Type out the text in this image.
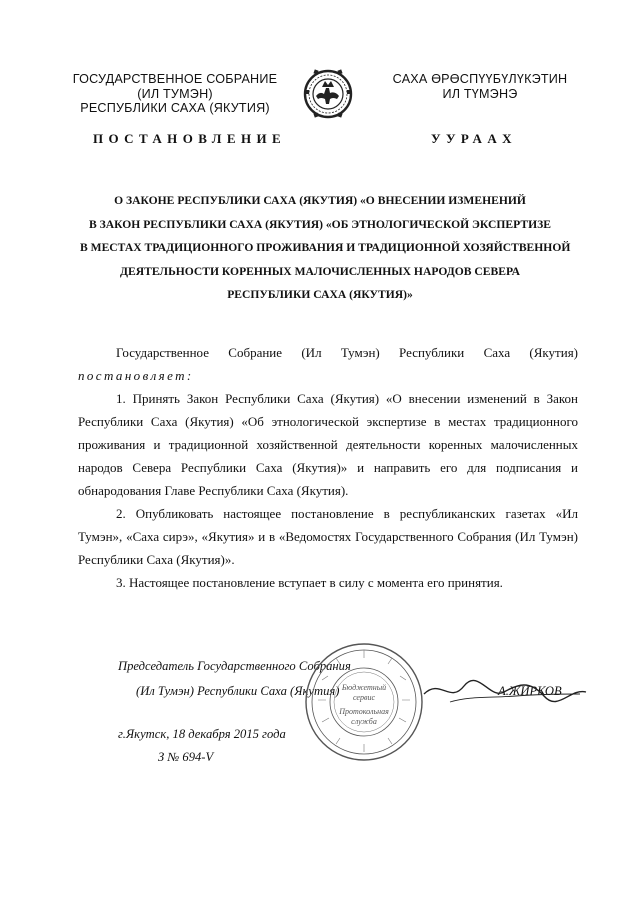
ГОСУДАРСТВЕННОЕ СОБРАНИЕ
(ИЛ ТУМЭН)
РЕСПУБЛИКИ САХА (ЯКУТИЯ)
САХА ӨРӨСПҮҮБҮЛҮКЭТИН
ИЛ ТҮМЭНЭ
ПОСТАНОВЛЕНИЕ	УУРААХ
О ЗАКОНЕ РЕСПУБЛИКИ САХА (ЯКУТИЯ) «О ВНЕСЕНИИ ИЗМЕНЕНИЙ
В ЗАКОН РЕСПУБЛИКИ САХА (ЯКУТИЯ) «ОБ ЭТНОЛОГИЧЕСКОЙ ЭКСПЕРТИЗЕ
В МЕСТАХ ТРАДИЦИОННОГО ПРОЖИВАНИЯ И ТРАДИЦИОННОЙ ХОЗЯЙСТВЕННОЙ
ДЕЯТЕЛЬНОСТИ КОРЕННЫХ МАЛОЧИСЛЕННЫХ НАРОДОВ СЕВЕРА
РЕСПУБЛИКИ САХА (ЯКУТИЯ)»
Государственное Собрание (Ил Тумэн) Республики Саха (Якутия)
постановляет:

1. Принять Закон Республики Саха (Якутия) «О внесении изменений в Закон Республики Саха (Якутия) «Об этнологической экспертизе в местах традиционного проживания и традиционной хозяйственной деятельности коренных малочисленных народов Севера Республики Саха (Якутия)» и направить его для подписания и обнародования Главе Республики Саха (Якутия).

2. Опубликовать настоящее постановление в республиканских газетах «Ил Тумэн», «Саха сирэ», «Якутия» и в «Ведомостях Государственного Собрания (Ил Тумэн) Республики Саха (Якутия)».

3. Настоящее постановление вступает в силу с момента его принятия.

Председатель Государственного Собрания
(Ил Тумэн) Республики Саха (Якутия)	А.ЖИРКОВ
г.Якутск, 18 декабря 2015 года
З № 694-V
Бюджетный
сервис
Протокольная
служба
